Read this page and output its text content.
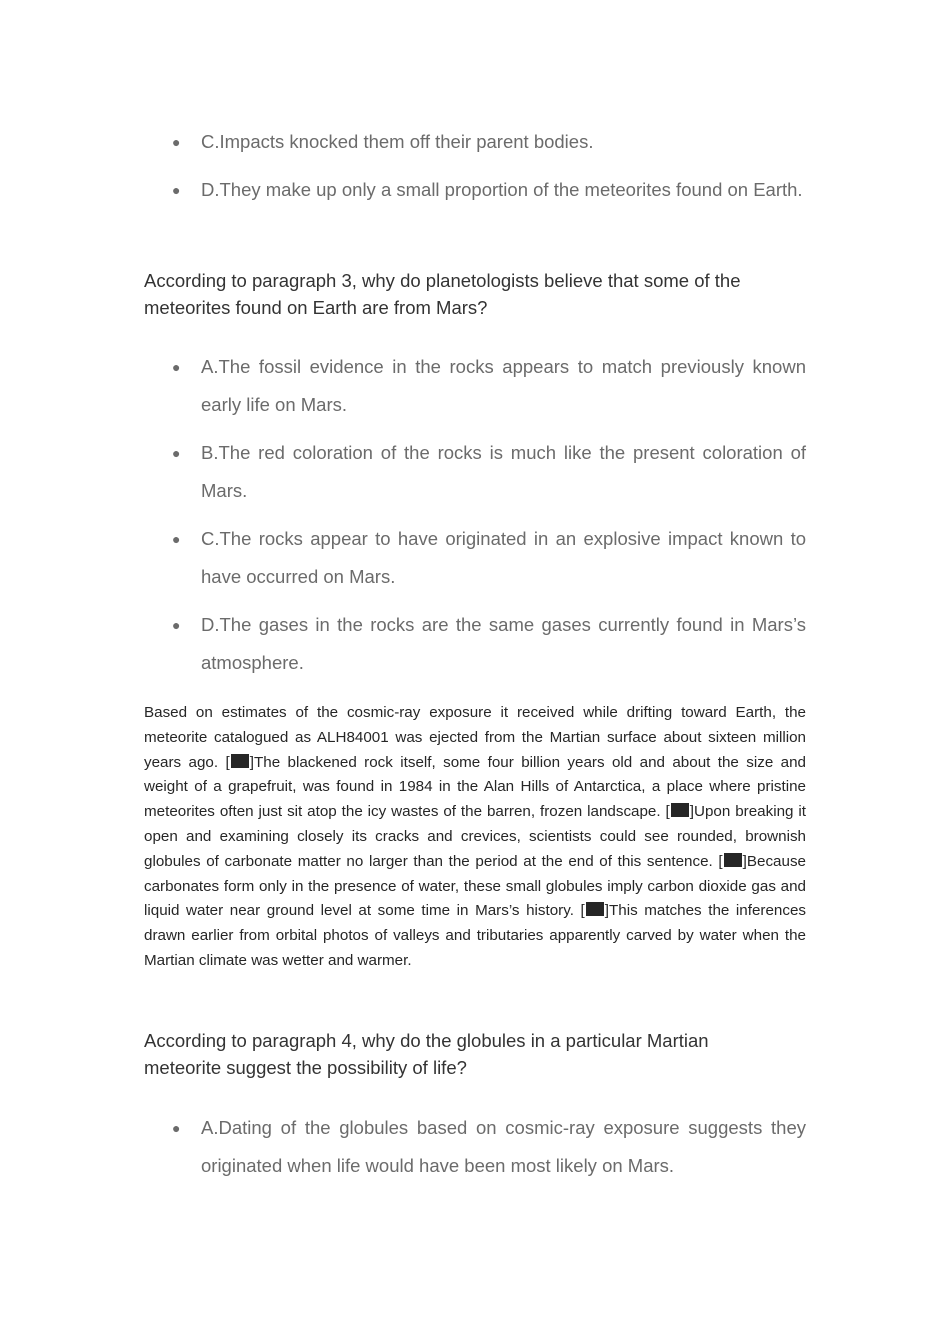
● C.Impacts knocked them off their parent bodies.
● D.They make up only a small proportion of the meteorites found on Earth.

According to paragraph 3, why do planetologists believe that some of the meteorites found on Earth are from Mars?

● A.The fossil evidence in the rocks appears to match previously known early life on Mars.
● B.The red coloration of the rocks is much like the present coloration of Mars.
● C.The rocks appear to have originated in an explosive impact known to have occurred on Mars.
● D.The gases in the rocks are the same gases currently found in Mars’s atmosphere.

Based on estimates of the cosmic-ray exposure it received while drifting toward Earth, the meteorite catalogued as ALH84001 was ejected from the Martian surface about sixteen million years ago. [ ]The blackened rock itself, some four billion years old and about the size and weight of a grapefruit, was found in 1984 in the Alan Hills of Antarctica, a place where pristine meteorites often just sit atop the icy wastes of the barren, frozen landscape. [ ]Upon breaking it open and examining closely its cracks and crevices, scientists could see rounded, brownish globules of carbonate matter no larger than the period at the end of this sentence. [ ]Because carbonates form only in the presence of water, these small globules imply carbon dioxide gas and liquid water near ground level at some time in Mars’s history. [ ]This matches the inferences drawn earlier from orbital photos of valleys and tributaries apparently carved by water when the Martian climate was wetter and warmer.

According to paragraph 4, why do the globules in a particular Martian meteorite suggest the possibility of life?

● A.Dating of the globules based on cosmic-ray exposure suggests they originated when life would have been most likely on Mars.
